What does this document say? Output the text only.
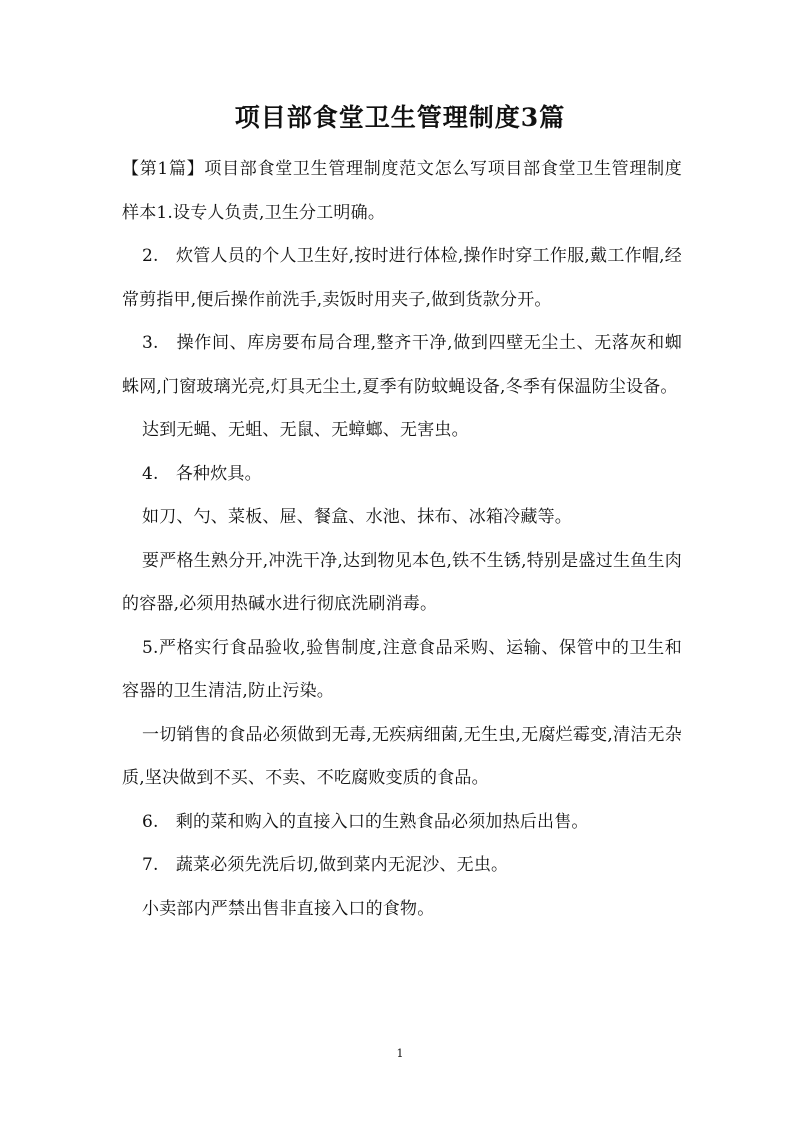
项目部食堂卫生管理制度3篇

【第1篇】项目部食堂卫生管理制度范文怎么写项目部食堂卫生管理制度样本1.设专人负责,卫生分工明确。

2.　炊管人员的个人卫生好,按时进行体检,操作时穿工作服,戴工作帽,经常剪指甲,便后操作前洗手,卖饭时用夹子,做到货款分开。

3.　操作间、库房要布局合理,整齐干净,做到四壁无尘土、无落灰和蜘蛛网,门窗玻璃光亮,灯具无尘土,夏季有防蚊蝇设备,冬季有保温防尘设备。

达到无蝇、无蛆、无鼠、无蟑螂、无害虫。

4.　各种炊具。

如刀、勺、菜板、屉、餐盒、水池、抹布、冰箱冷藏等。

要严格生熟分开,冲洗干净,达到物见本色,铁不生锈,特别是盛过生鱼生肉的容器,必须用热碱水进行彻底洗刷消毒。

5.严格实行食品验收,验售制度,注意食品采购、运输、保管中的卫生和容器的卫生清洁,防止污染。

一切销售的食品必须做到无毒,无疾病细菌,无生虫,无腐烂霉变,清洁无杂质,坚决做到不买、不卖、不吃腐败变质的食品。

6.　剩的菜和购入的直接入口的生熟食品必须加热后出售。

7.　蔬菜必须先洗后切,做到菜内无泥沙、无虫。

小卖部内严禁出售非直接入口的食物。

1
